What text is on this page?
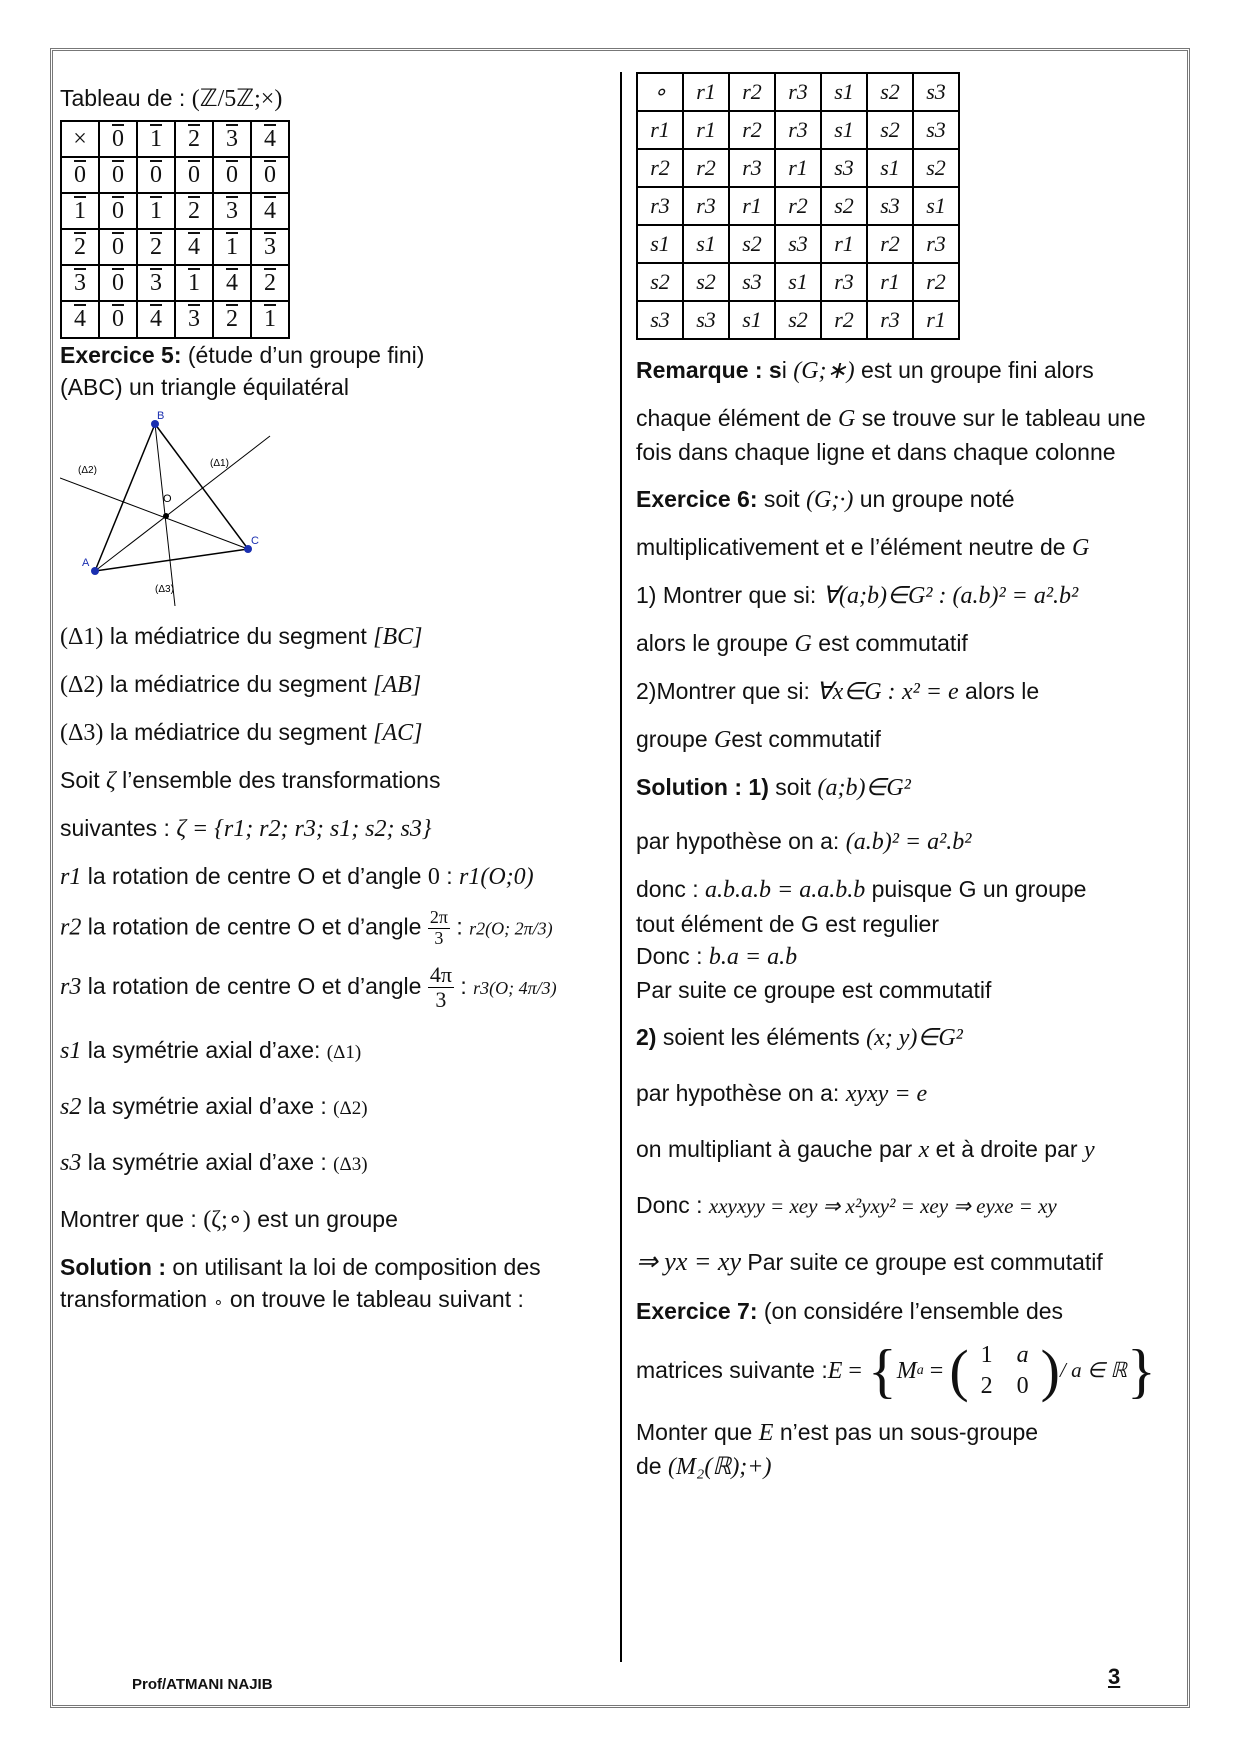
Tableau de : (ℤ/5ℤ;×)

×	0	1	2	3	4
0	0	0	0	0	0
1	0	1	2	3	4
2	0	2	4	1	3
3	0	3	1	4	2
4	0	4	3	2	1

Exercice 5: (étude d’un groupe fini)

(ABC) un triangle équilatéral

B
A
C
O
(Δ2)
(Δ1)
(Δ3)

(Δ1) la médiatrice du segment [BC]

(Δ2) la médiatrice du segment [AB]

(Δ3) la médiatrice du segment [AC]

Soit ζ l’ensemble des transformations

suivantes : ζ = {r1; r2; r3; s1; s2; s3}

r1 la rotation de centre O et d’angle 0 : r1(O;0)

r2 la rotation de centre O et d’angle $\frac{2\pi}{3}$ : r2(O; 2π/3)

r3 la rotation de centre O et d’angle $\frac{4\pi}{3}$ : r3(O; 4π/3)

s1 la symétrie axial d’axe: (Δ1)

s2 la symétrie axial d’axe : (Δ2)

s3 la symétrie axial d’axe : (Δ3)

Montrer que : (ζ;∘) est un groupe

Solution : on utilisant la loi de composition des transformation ∘ on trouve le tableau suivant :

∘	r1	r2	r3	s1	s2	s3
r1	r1	r2	r3	s1	s2	s3
r2	r2	r3	r1	s3	s1	s2
r3	r3	r1	r2	s2	s3	s1
s1	s1	s2	s3	r1	r2	r3
s2	s2	s3	s1	r3	r1	r2
s3	s3	s1	s2	r2	r3	r1

Remarque : si (G;∗) est un groupe fini alors

chaque élément de G se trouve sur le tableau une fois dans chaque ligne et dans chaque colonne

Exercice 6: soit (G;·) un groupe noté

multiplicativement et e l’élément neutre de G

1) Montrer que si: ∀(a;b)∈G² : (a.b)² = a².b²

alors le groupe G est commutatif

2)Montrer que si: ∀x∈G : x² = e alors le

groupe Gest commutatif

Solution : 1) soit (a;b)∈G²

par hypothèse on a: (a.b)² = a².b²

donc : a.b.a.b = a.a.b.b puisque G un groupe

tout élément de G est regulier

Donc : b.a = a.b

Par suite ce groupe est commutatif

2) soient les éléments (x; y)∈G²

par hypothèse on a: xyxy = e

on multipliant à gauche par x et à droite par y

Donc : xxyxyy = xey ⇒ x²yxy² = xey ⇒ eyxe = xy

⇒ yx = xy Par suite ce groupe est commutatif

Exercice 7: (on considére l’ensemble des

matrices suivante : E = { M a = ( 1	a
2	0 ) / a ∈ ℝ }

Monter que E n’est pas un sous-groupe

de (M₂(ℝ);+)

Prof/ATMANI NAJIB	3
